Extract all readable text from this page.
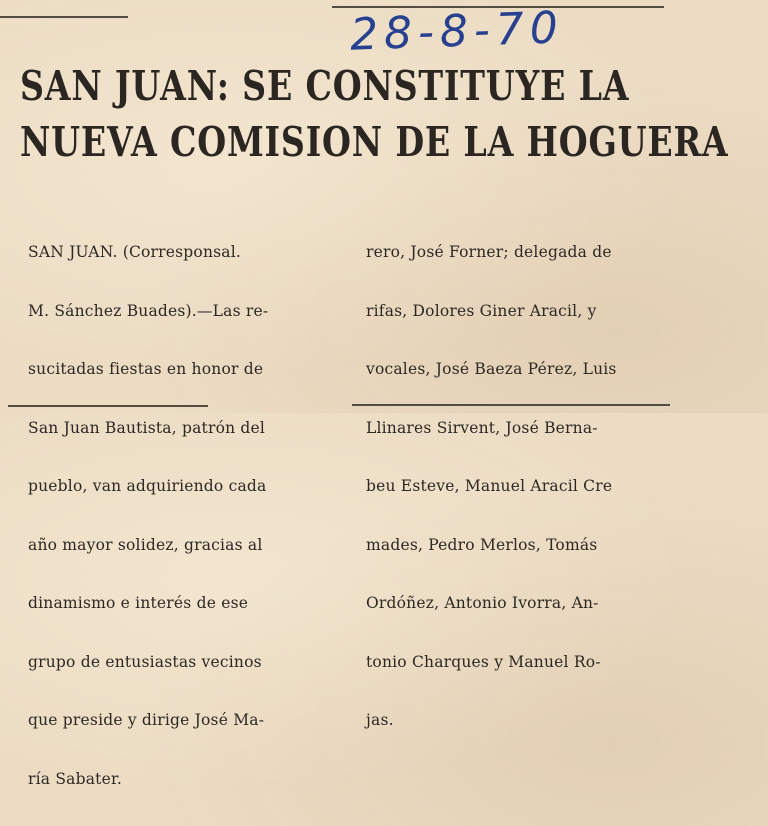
28-8-70
SAN JUAN: SE CONSTITUYE LA
NUEVA COMISION DE LA HOGUERA

SAN JUAN. (Corresponsal.

M. Sánchez Buades).—Las re-

sucitadas fiestas en honor de

San Juan Bautista, patrón del

pueblo, van adquiriendo cada

año mayor solidez, gracias al

dinamismo e interés de ese

grupo de entusiastas vecinos

que preside y dirige José Ma-

ría Sabater.

rero, José Forner; delegada de

rifas, Dolores Giner Aracil, y

vocales, José Baeza Pérez, Luis

Llinares Sirvent, José Berna-

beu Esteve, Manuel Aracil Cre

mades, Pedro Merlos, Tomás

Ordóñez, Antonio Ivorra, An-

tonio Charques y Manuel Ro-

jas.
